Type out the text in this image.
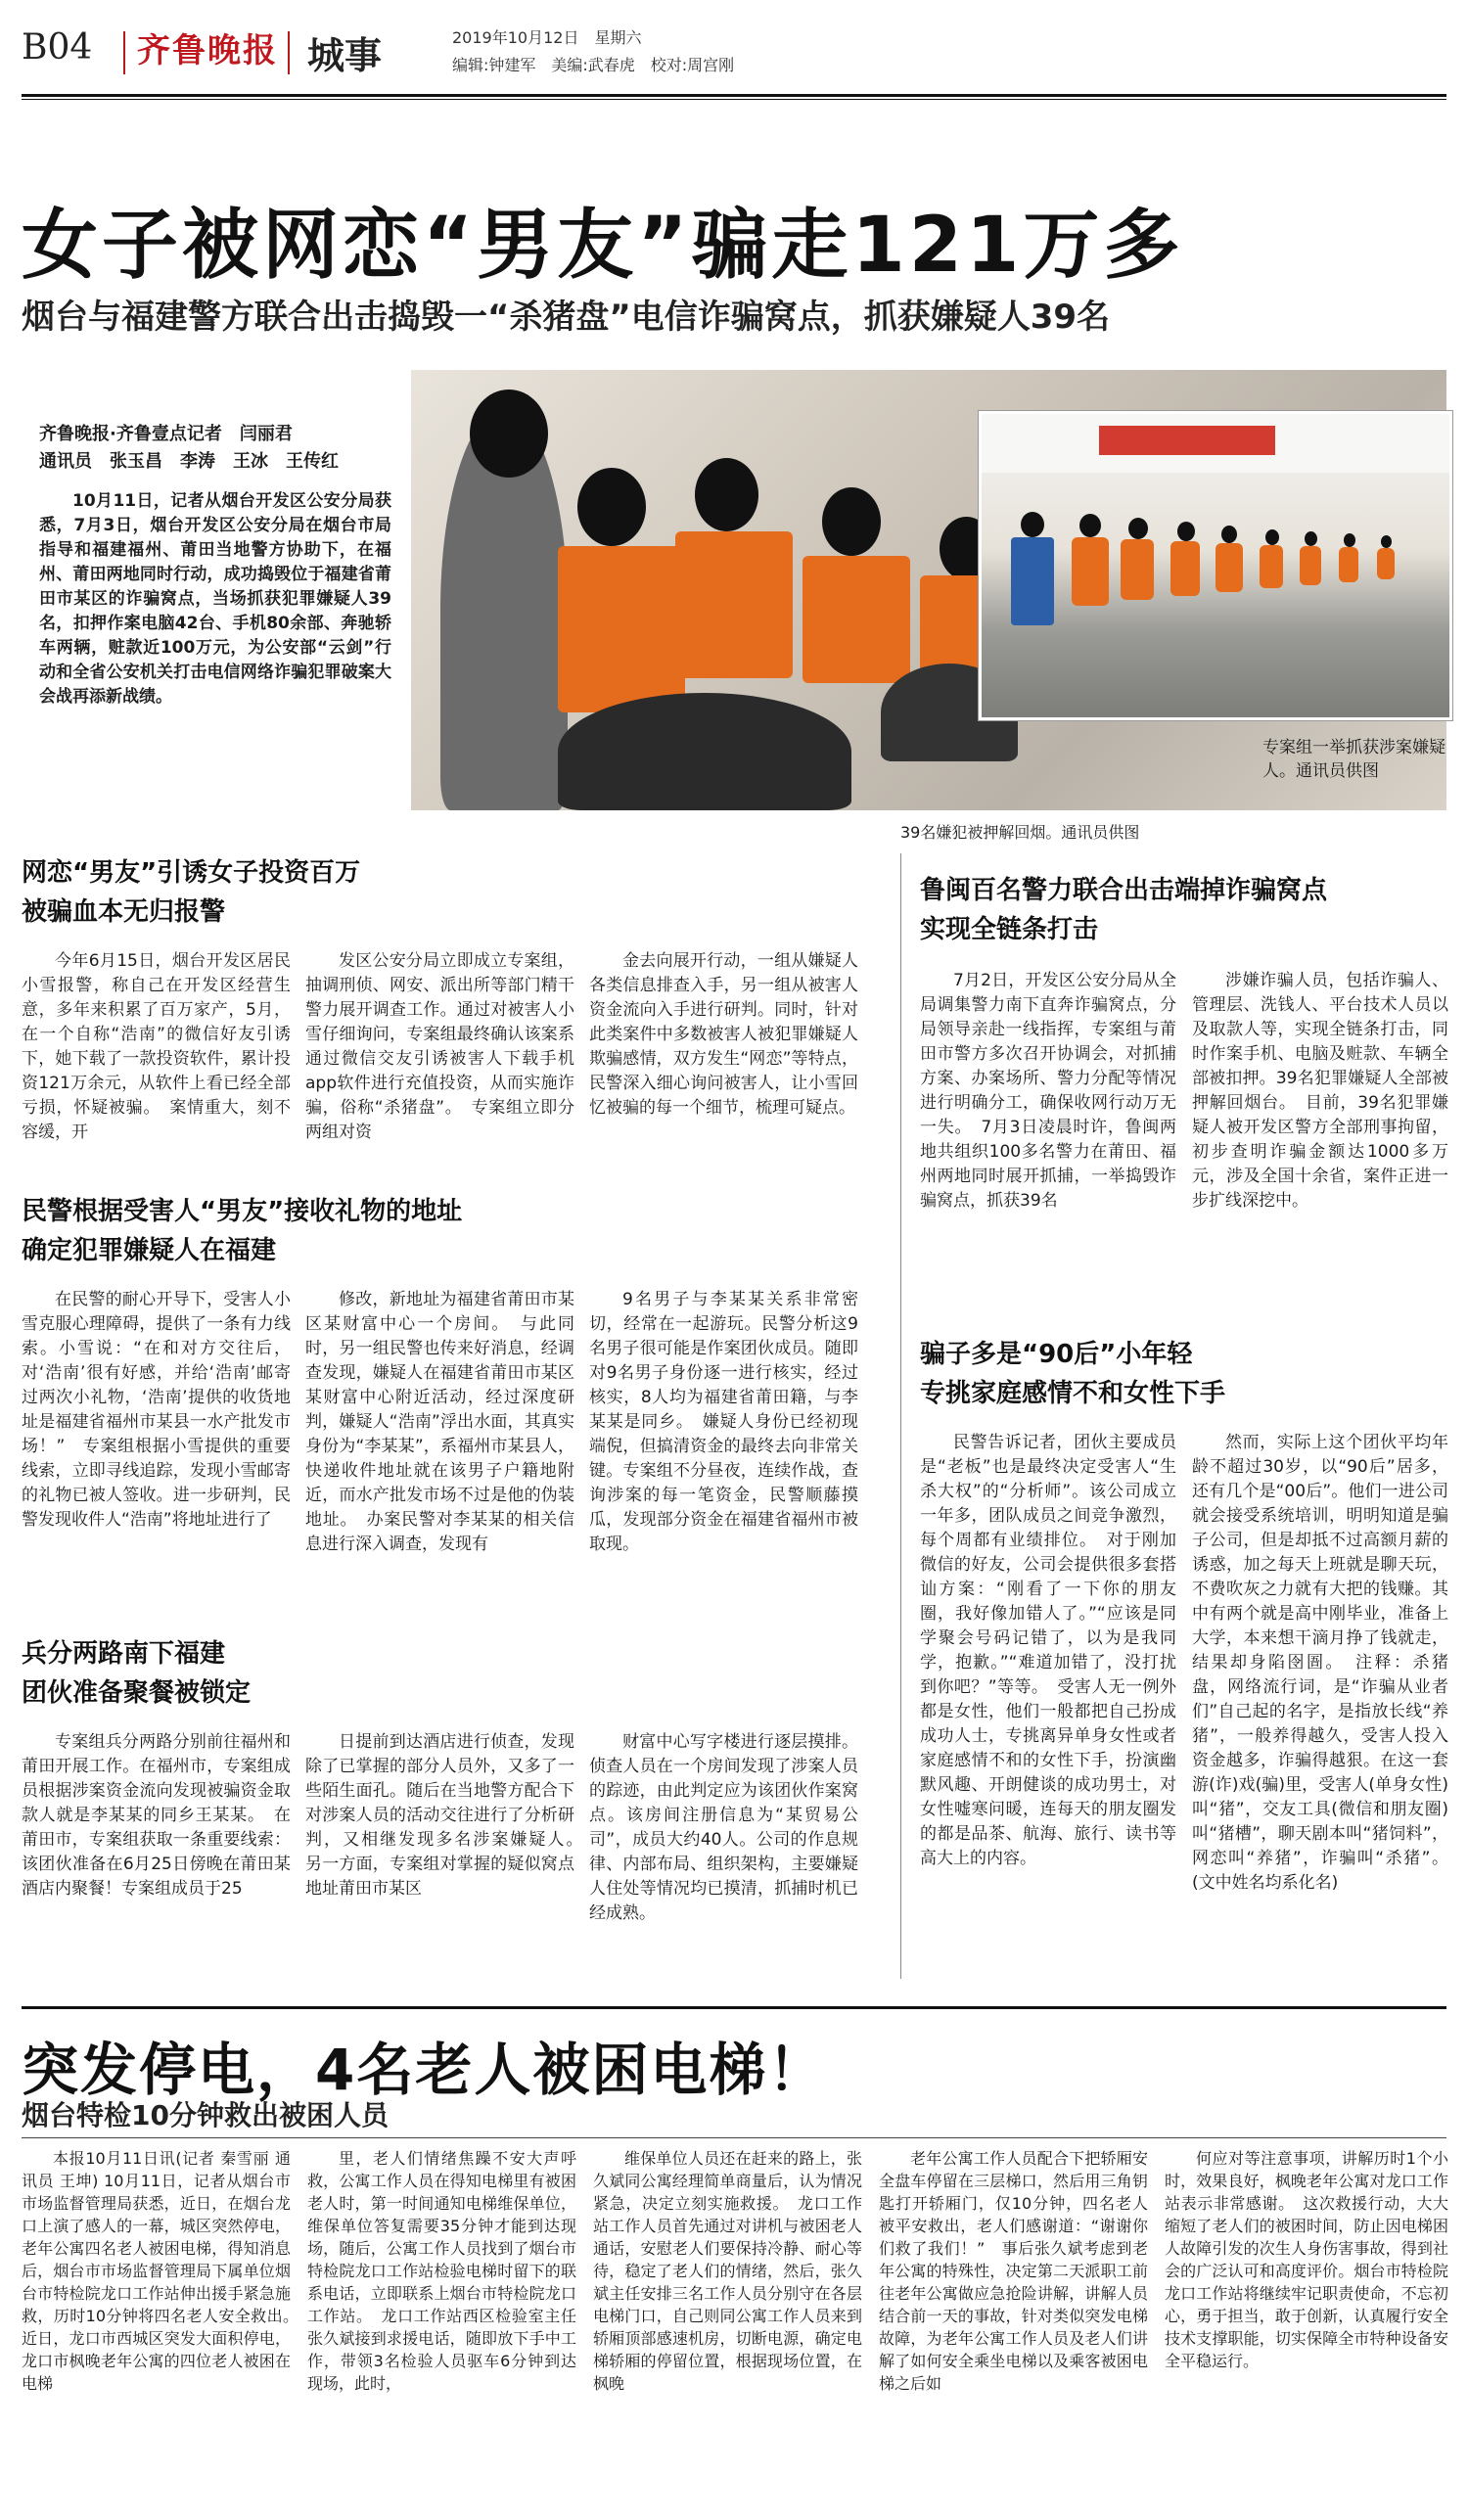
B04 齐鲁晚报 城事	2019年10月12日　星期六
编辑:钟建军　美编:武春虎　校对:周宫刚
女子被网恋“男友”骗走121万多
烟台与福建警方联合出击捣毁一“杀猪盘”电信诈骗窝点，抓获嫌疑人39名
齐鲁晚报·齐鲁壹点记者　闫丽君
通讯员　张玉昌　李涛　王冰　王传红

10月11日，记者从烟台开发区公安分局获悉，7月3日，烟台开发区公安分局在烟台市局指导和福建福州、莆田当地警方协助下，在福州、莆田两地同时行动，成功捣毁位于福建省莆田市某区的诈骗窝点，当场抓获犯罪嫌疑人39名，扣押作案电脑42台、手机80余部、奔驰轿车两辆，赃款近100万元，为公安部“云剑”行动和全省公安机关打击电信网络诈骗犯罪破案大会战再添新战绩。

专案组一举抓获涉案嫌疑人。通讯员供图
39名嫌犯被押解回烟。通讯员供图
网恋“男友”引诱女子投资百万
被骗血本无归报警

今年6月15日，烟台开发区居民小雪报警，称自己在开发区经营生意，多年来积累了百万家产，5月，在一个自称“浩南”的微信好友引诱下，她下载了一款投资软件，累计投资121万余元，从软件上看已经全部亏损，怀疑被骗。　案情重大，刻不容缓，开

发区公安分局立即成立专案组，抽调刑侦、网安、派出所等部门精干警力展开调查工作。通过对被害人小雪仔细询问，专案组最终确认该案系通过微信交友引诱被害人下载手机app软件进行充值投资，从而实施诈骗，俗称“杀猪盘”。　专案组立即分两组对资

金去向展开行动，一组从嫌疑人各类信息排查入手，另一组从被害人资金流向入手进行研判。同时，针对此类案件中多数被害人被犯罪嫌疑人欺骗感情，双方发生“网恋”等特点，民警深入细心询问被害人，让小雪回忆被骗的每一个细节，梳理可疑点。

民警根据受害人“男友”接收礼物的地址
确定犯罪嫌疑人在福建

在民警的耐心开导下，受害人小雪克服心理障碍，提供了一条有力线索。小雪说：“在和对方交往后，对‘浩南’很有好感，并给‘浩南’邮寄过两次小礼物，‘浩南’提供的收货地址是福建省福州市某县一水产批发市场！”　专案组根据小雪提供的重要线索，立即寻线追踪，发现小雪邮寄的礼物已被人签收。进一步研判，民警发现收件人“浩南”将地址进行了

修改，新地址为福建省莆田市某区某财富中心一个房间。　与此同时，另一组民警也传来好消息，经调查发现，嫌疑人在福建省莆田市某区某财富中心附近活动，经过深度研判，嫌疑人“浩南”浮出水面，其真实身份为“李某某”，系福州市某县人，快递收件地址就在该男子户籍地附近，而水产批发市场不过是他的伪装地址。　办案民警对李某某的相关信息进行深入调查，发现有

9名男子与李某某关系非常密切，经常在一起游玩。民警分析这9名男子很可能是作案团伙成员。随即对9名男子身份逐一进行核实，经过核实，8人均为福建省莆田籍，与李某某是同乡。　嫌疑人身份已经初现端倪，但搞清资金的最终去向非常关键。专案组不分昼夜，连续作战，查询涉案的每一笔资金，民警顺藤摸瓜，发现部分资金在福建省福州市被取现。

兵分两路南下福建
团伙准备聚餐被锁定

专案组兵分两路分别前往福州和莆田开展工作。在福州市，专案组成员根据涉案资金流向发现被骗资金取款人就是李某某的同乡王某某。　在莆田市，专案组获取一条重要线索：该团伙准备在6月25日傍晚在莆田某酒店内聚餐！专案组成员于25

日提前到达酒店进行侦查，发现除了已掌握的部分人员外，又多了一些陌生面孔。随后在当地警方配合下对涉案人员的活动交往进行了分析研判，又相继发现多名涉案嫌疑人。　另一方面，专案组对掌握的疑似窝点地址莆田市某区

财富中心写字楼进行逐层摸排。侦查人员在一个房间发现了涉案人员的踪迹，由此判定应为该团伙作案窝点。该房间注册信息为“某贸易公司”，成员大约40人。公司的作息规律、内部布局、组织架构，主要嫌疑人住处等情况均已摸清，抓捕时机已经成熟。

鲁闽百名警力联合出击端掉诈骗窝点
实现全链条打击

7月2日，开发区公安分局从全局调集警力南下直奔诈骗窝点，分局领导亲赴一线指挥，专案组与莆田市警方多次召开协调会，对抓捕方案、办案场所、警力分配等情况进行明确分工，确保收网行动万无一失。　7月3日凌晨时许，鲁闽两地共组织100多名警力在莆田、福州两地同时展开抓捕，一举捣毁诈骗窝点，抓获39名

涉嫌诈骗人员，包括诈骗人、管理层、洗钱人、平台技术人员以及取款人等，实现全链条打击，同时作案手机、电脑及赃款、车辆全部被扣押。39名犯罪嫌疑人全部被押解回烟台。　目前，39名犯罪嫌疑人被开发区警方全部刑事拘留，初步查明诈骗金额达1000多万元，涉及全国十余省，案件正进一步扩线深挖中。

骗子多是“90后”小年轻
专挑家庭感情不和女性下手

民警告诉记者，团伙主要成员是“老板”也是最终决定受害人“生杀大权”的“分析师”。该公司成立一年多，团队成员之间竞争激烈，每个周都有业绩排位。　对于刚加微信的好友，公司会提供很多套搭讪方案：“刚看了一下你的朋友圈，我好像加错人了。”“应该是同学聚会号码记错了，以为是我同学，抱歉。”“难道加错了，没打扰到你吧？”等等。　受害人无一例外都是女性，他们一般都把自己扮成成功人士，专挑离异单身女性或者家庭感情不和的女性下手，扮演幽默风趣、开朗健谈的成功男士，对女性嘘寒问暖，连每天的朋友圈发的都是品茶、航海、旅行、读书等高大上的内容。

然而，实际上这个团伙平均年龄不超过30岁，以“90后”居多，还有几个是“00后”。他们一进公司就会接受系统培训，明明知道是骗子公司，但是却抵不过高额月薪的诱惑，加之每天上班就是聊天玩，不费吹灰之力就有大把的钱赚。其中有两个就是高中刚毕业，准备上大学，本来想干滴月挣了钱就走，结果却身陷囹圄。　注释：杀猪盘，网络流行词，是“诈骗从业者们”自己起的名字，是指放长线“养猪”，一般养得越久，受害人投入资金越多，诈骗得越狠。在这一套游(诈)戏(骗)里，受害人(单身女性)叫“猪”，交友工具(微信和朋友圈)叫“猪槽”，聊天剧本叫“猪饲料”，网恋叫“养猪”，诈骗叫“杀猪”。(文中姓名均系化名)

突发停电，4名老人被困电梯！
烟台特检10分钟救出被困人员

本报10月11日讯(记者 秦雪丽 通讯员 王坤) 10月11日，记者从烟台市市场监督管理局获悉，近日，在烟台龙口上演了感人的一幕，城区突然停电，老年公寓四名老人被困电梯，得知消息后，烟台市市场监督管理局下属单位烟台市特检院龙口工作站伸出援手紧急施救，历时10分钟将四名老人安全救出。　近日，龙口市西城区突发大面积停电，龙口市枫晚老年公寓的四位老人被困在电梯

里，老人们情绪焦躁不安大声呼救，公寓工作人员在得知电梯里有被困老人时，第一时间通知电梯维保单位，维保单位答复需要35分钟才能到达现场，随后，公寓工作人员找到了烟台市特检院龙口工作站检验电梯时留下的联系电话，立即联系上烟台市特检院龙口工作站。　龙口工作站西区检验室主任张久斌接到求援电话，随即放下手中工作，带领3名检验人员驱车6分钟到达现场，此时，

维保单位人员还在赶来的路上，张久斌同公寓经理简单商量后，认为情况紧急，决定立刻实施救援。　龙口工作站工作人员首先通过对讲机与被困老人通话，安慰老人们要保持冷静、耐心等待，稳定了老人们的情绪，然后，张久斌主任安排三名工作人员分别守在各层电梯门口，自己则同公寓工作人员来到轿厢顶部感速机房，切断电源，确定电梯轿厢的停留位置，根据现场位置，在枫晚

老年公寓工作人员配合下把轿厢安全盘车停留在三层梯口，然后用三角钥匙打开轿厢门，仅10分钟，四名老人被平安救出，老人们感谢道：“谢谢你们救了我们！”　事后张久斌考虑到老年公寓的特殊性，决定第二天派职工前往老年公寓做应急抢险讲解，讲解人员结合前一天的事故，针对类似突发电梯故障，为老年公寓工作人员及老人们讲解了如何安全乘坐电梯以及乘客被困电梯之后如

何应对等注意事项，讲解历时1个小时，效果良好，枫晚老年公寓对龙口工作站表示非常感谢。　这次救援行动，大大缩短了老人们的被困时间，防止因电梯困人故障引发的次生人身伤害事故，得到社会的广泛认可和高度评价。烟台市特检院龙口工作站将继续牢记职责使命，不忘初心，勇于担当，敢于创新，认真履行安全技术支撑职能，切实保障全市特种设备安全平稳运行。
